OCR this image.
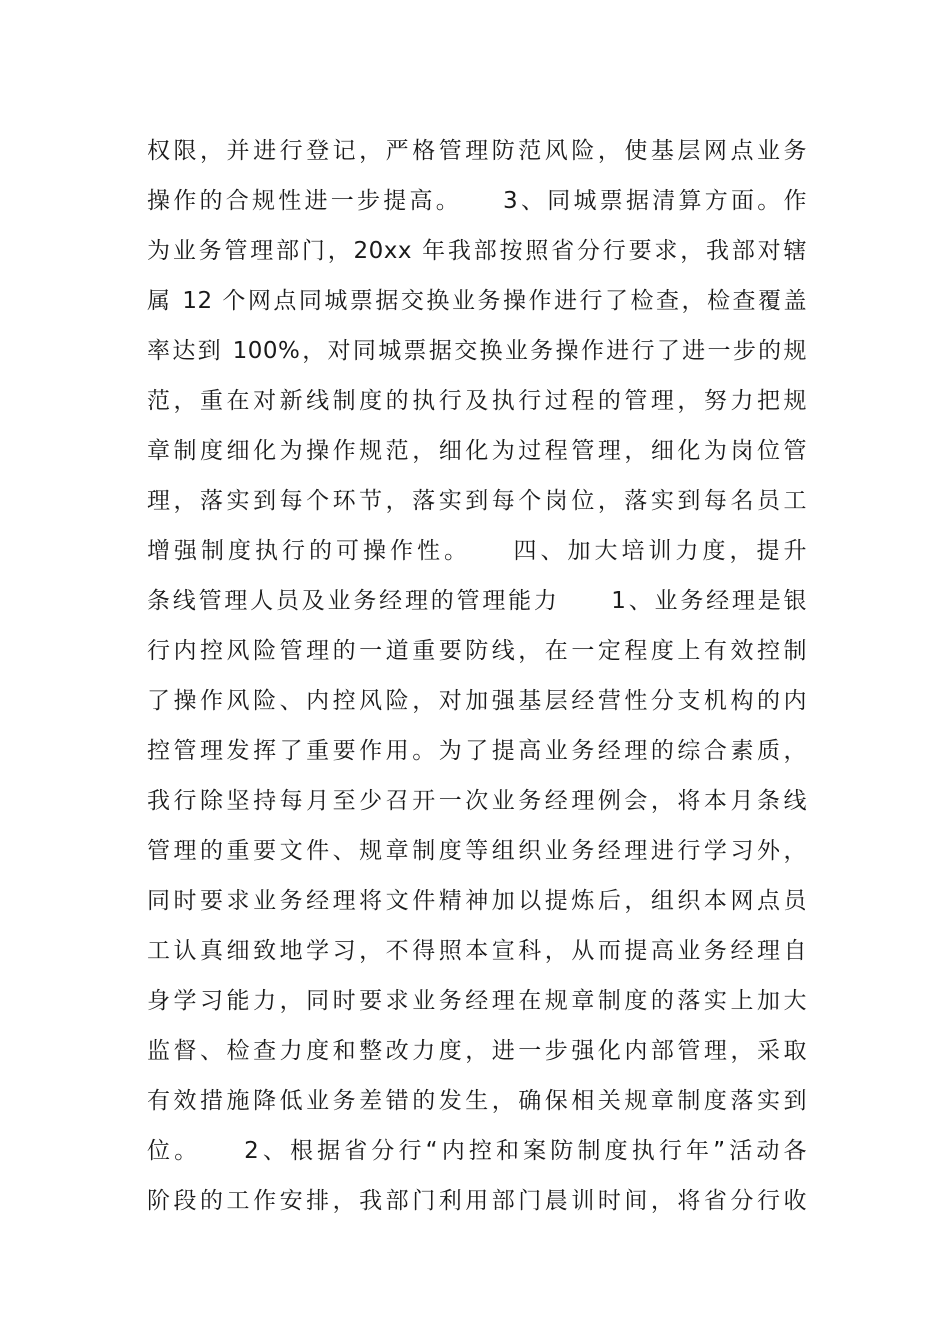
权限，并进行登记，严格管理防范风险，使基层网点业务
操作的合规性进一步提高。　　3、同城票据清算方面。作
为业务管理部门，20xx 年我部按照省分行要求，我部对辖
属 12 个网点同城票据交换业务操作进行了检查，检查覆盖
率达到 100%，对同城票据交换业务操作进行了进一步的规
范，重在对新线制度的执行及执行过程的管理，努力把规
章制度细化为操作规范，细化为过程管理，细化为岗位管
理，落实到每个环节，落实到每个岗位，落实到每名员工
增强制度执行的可操作性。　　四、加大培训力度，提升
条线管理人员及业务经理的管理能力　　1、业务经理是银
行内控风险管理的一道重要防线，在一定程度上有效控制
了操作风险、内控风险，对加强基层经营性分支机构的内
控管理发挥了重要作用。为了提高业务经理的综合素质，
我行除坚持每月至少召开一次业务经理例会，将本月条线
管理的重要文件、规章制度等组织业务经理进行学习外，
同时要求业务经理将文件精神加以提炼后，组织本网点员
工认真细致地学习，不得照本宣科，从而提高业务经理自
身学习能力，同时要求业务经理在规章制度的落实上加大
监督、检查力度和整改力度，进一步强化内部管理，采取
有效措施降低业务差错的发生，确保相关规章制度落实到
位。　　2、根据省分行“内控和案防制度执行年”活动各
阶段的工作安排，我部门利用部门晨训时间，将省分行收
